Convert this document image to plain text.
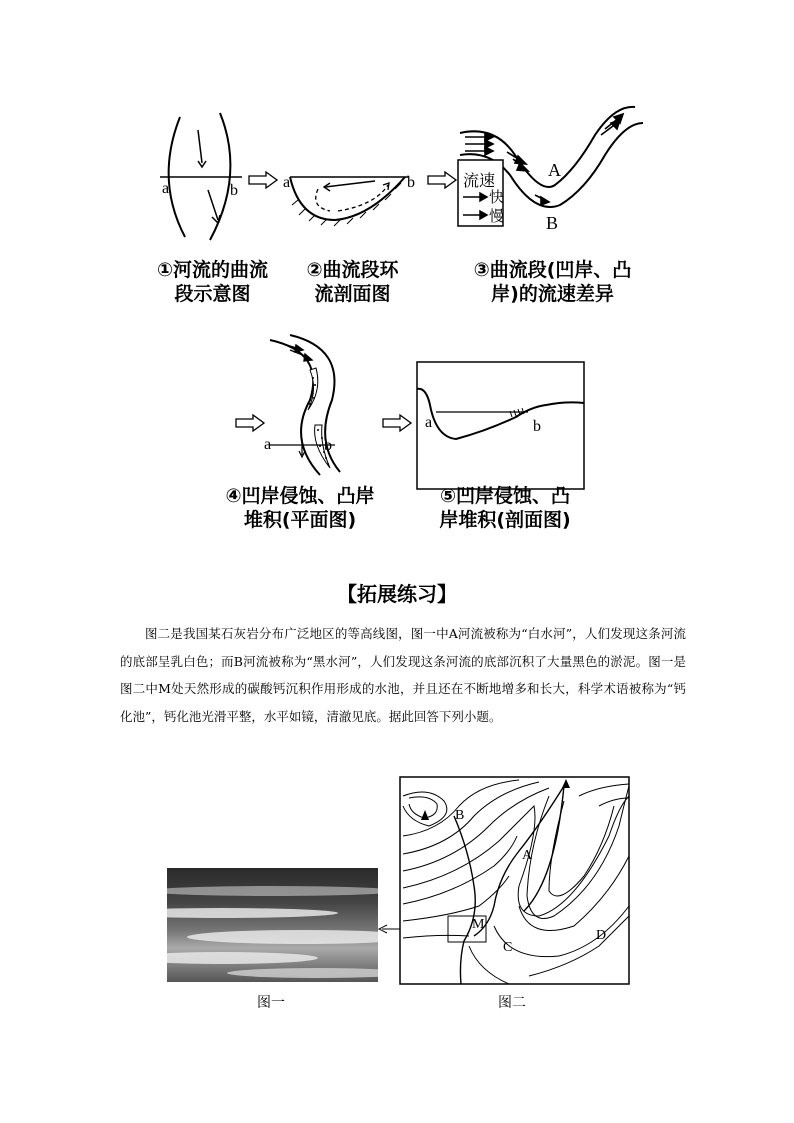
a	b	a	b	流速
快
慢
A
B
①河流的曲流
段示意图
②曲流段环
流剖面图
③曲流段(凹岸、凸
岸)的流速差异
a	b
a	b
④凹岸侵蚀、凸岸
堆积(平面图)
⑤凹岸侵蚀、凸
岸堆积(剖面图)
【拓展练习】

图二是我国某石灰岩分布广泛地区的等高线图，图一中A河流被称为“白水河”，人们发现这条河流的底部呈乳白色；而B河流被称为“黑水河”，人们发现这条河流的底部沉积了大量黑色的淤泥。图一是图二中M处天然形成的碳酸钙沉积作用形成的水池，并且还在不断地增多和长大，科学术语被称为“钙化池”，钙化池光滑平整，水平如镜，清澈见底。据此回答下列小题。

图一
B
A
M
C
D
图二
